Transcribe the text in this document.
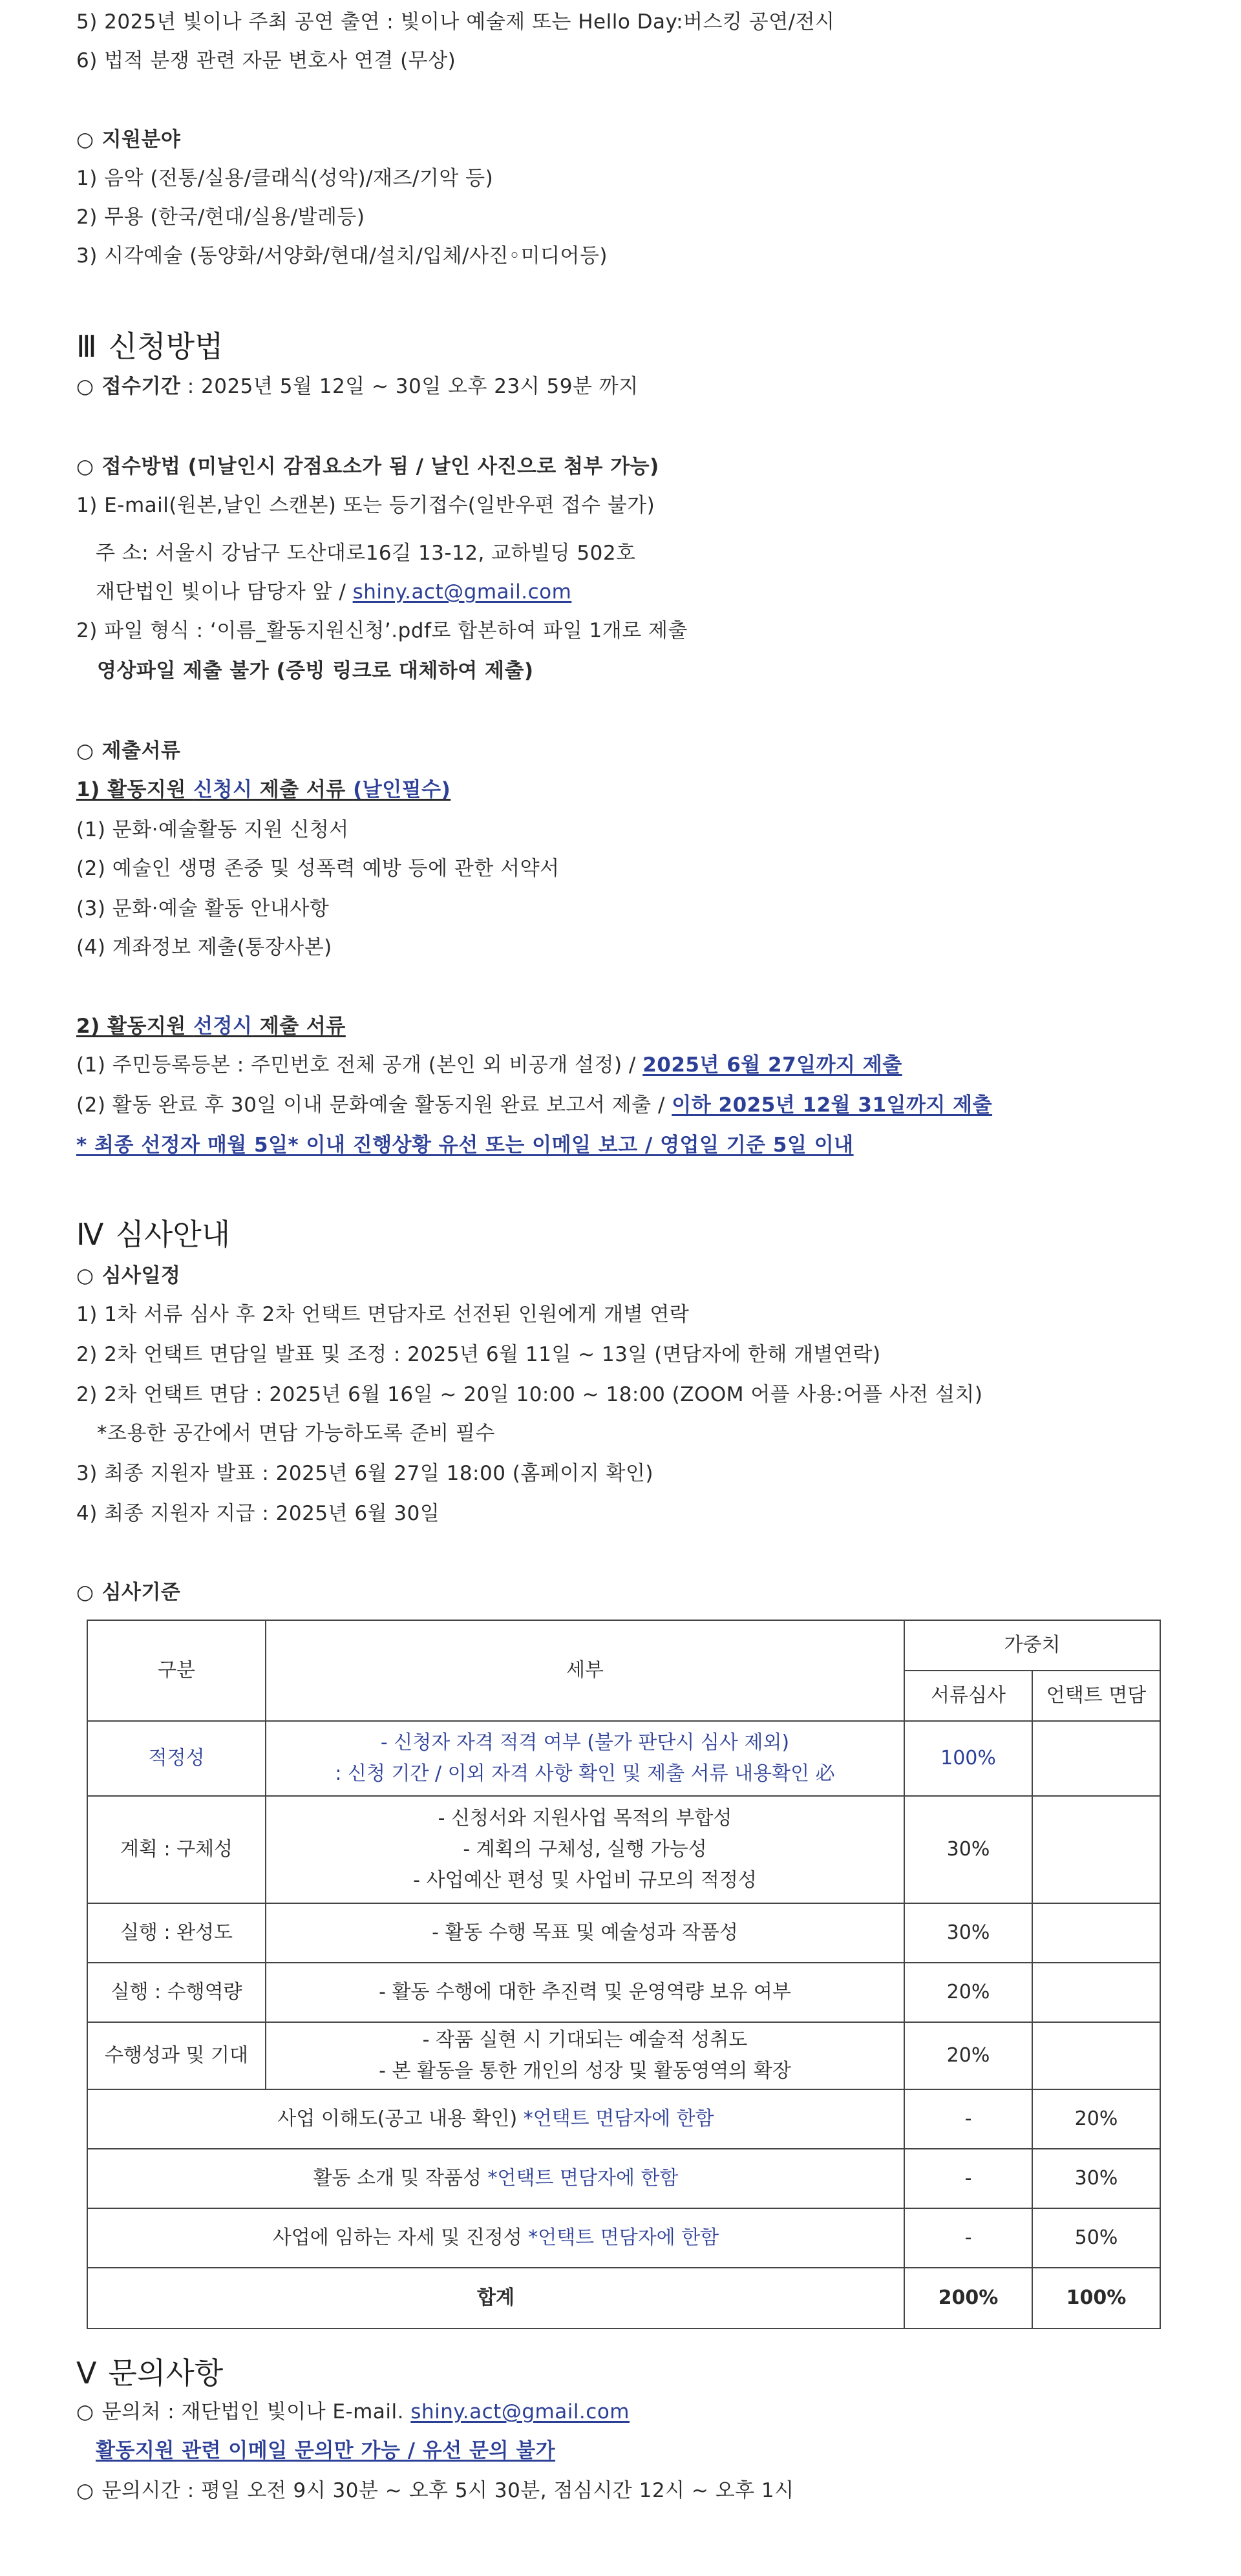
5) 2025년 빛이나 주최 공연 출연 : 빛이나 예술제 또는 Hello Day:버스킹 공연/전시
6) 법적 분쟁 관련 자문 변호사 연결 (무상)
○ 지원분야
1) 음악 (전통/실용/클래식(성악)/재즈/기악 등)
2) 무용 (한국/현대/실용/발레등)
3) 시각예술 (동양화/서양화/현대/설치/입체/사진◦미디어등)
Ⅲ 신청방법
○ 접수기간 : 2025년 5월 12일 ~ 30일 오후 23시 59분 까지
○ 접수방법 (미날인시 감점요소가 됨 / 날인 사진으로 첨부 가능)
1) E-mail(원본,날인 스캔본) 또는 등기접수(일반우편 접수 불가)
주 소: 서울시 강남구 도산대로16길 13-12, 교하빌딩 502호
재단법인 빛이나 담당자 앞 / shiny.act@gmail.com
2) 파일 형식 : ‘이름_활동지원신청’.pdf로 합본하여 파일 1개로 제출
영상파일 제출 불가 (증빙 링크로 대체하여 제출)
○ 제출서류
1) 활동지원 신청시 제출 서류 (날인필수)
(1) 문화·예술활동 지원 신청서
(2) 예술인 생명 존중 및 성폭력 예방 등에 관한 서약서
(3) 문화·예술 활동 안내사항
(4) 계좌정보 제출(통장사본)
2) 활동지원 선정시 제출 서류
(1) 주민등록등본 : 주민번호 전체 공개 (본인 외 비공개 설정) / 2025년 6월 27일까지 제출
(2) 활동 완료 후 30일 이내 문화예술 활동지원 완료 보고서 제출 / 이하 2025년 12월 31일까지 제출
* 최종 선정자 매월 5일* 이내 진행상황 유선 또는 이메일 보고 / 영업일 기준 5일 이내
Ⅳ 심사안내
○ 심사일정
1) 1차 서류 심사 후 2차 언택트 면담자로 선전된 인원에게 개별 연락
2) 2차 언택트 면담일 발표 및 조정 : 2025년 6월 11일 ~ 13일 (면담자에 한해 개별연락)
2) 2차 언택트 면담 : 2025년 6월 16일 ~ 20일 10:00 ~ 18:00 (ZOOM 어플 사용:어플 사전 설치)
*조용한 공간에서 면담 가능하도록 준비 필수
3) 최종 지원자 발표 : 2025년 6월 27일 18:00 (홈페이지 확인)
4) 최종 지원자 지급 : 2025년 6월 30일
○ 심사기준
구분	세부	가중치	
		서류심사	언택트 면담
적정성	- 신청자 자격 적격 여부 (불가 판단시 심사 제외)
: 신청 기간 / 이외 자격 사항 확인 및 제출 서류 내용확인 必	100%	
계획 : 구체성	- 신청서와 지원사업 목적의 부합성
- 계획의 구체성, 실행 가능성
- 사업예산 편성 및 사업비 규모의 적정성	30%	
실행 : 완성도	- 활동 수행 목표 및 예술성과 작품성	30%	
실행 : 수행역량	- 활동 수행에 대한 추진력 및 운영역량 보유 여부	20%	
수행성과 및 기대	- 작품 실현 시 기대되는 예술적 성취도
- 본 활동을 통한 개인의 성장 및 활동영역의 확장	20%	
사업 이해도(공고 내용 확인) *언택트 면담자에 한함		-	20%
활동 소개 및 작품성 *언택트 면담자에 한함		-	30%
사업에 임하는 자세 및 진정성 *언택트 면담자에 한함		-	50%
합계		200%	100%
Ⅴ 문의사항
○ 문의처 : 재단법인 빛이나 E-mail. shiny.act@gmail.com
활동지원 관련 이메일 문의만 가능 / 유선 문의 불가
○ 문의시간 : 평일 오전 9시 30분 ~ 오후 5시 30분, 점심시간 12시 ~ 오후 1시
